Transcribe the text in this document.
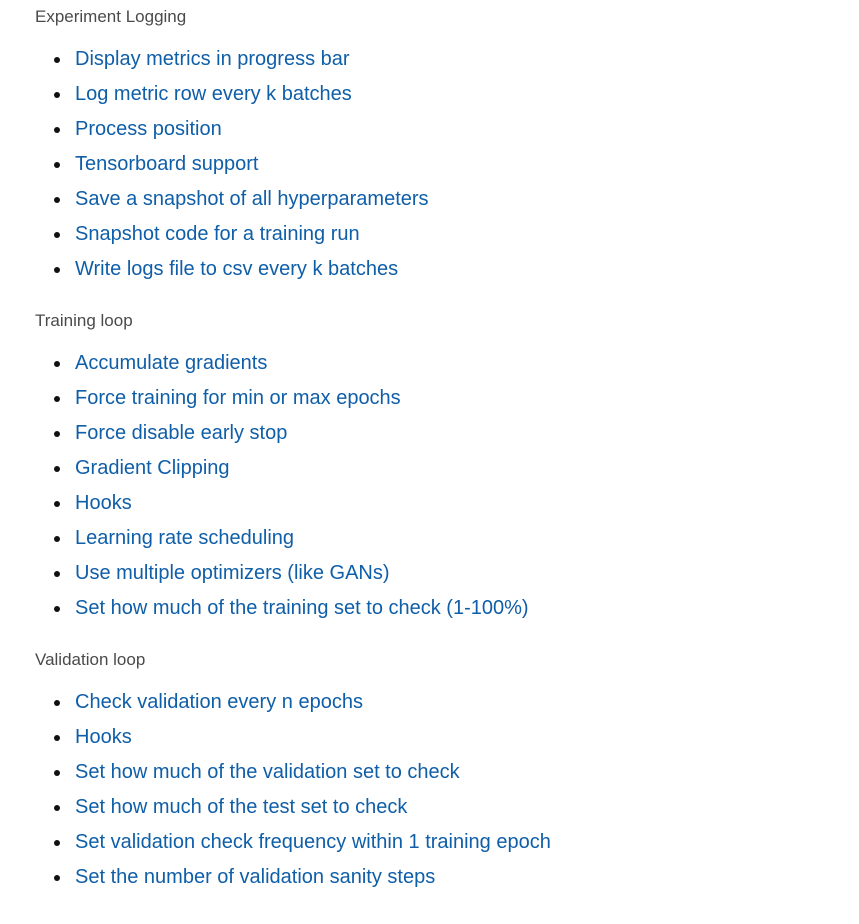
Experiment Logging

Display metrics in progress bar
Log metric row every k batches
Process position
Tensorboard support
Save a snapshot of all hyperparameters
Snapshot code for a training run
Write logs file to csv every k batches

Training loop

Accumulate gradients
Force training for min or max epochs
Force disable early stop
Gradient Clipping
Hooks
Learning rate scheduling
Use multiple optimizers (like GANs)
Set how much of the training set to check (1-100%)

Validation loop

Check validation every n epochs
Hooks
Set how much of the validation set to check
Set how much of the test set to check
Set validation check frequency within 1 training epoch
Set the number of validation sanity steps
